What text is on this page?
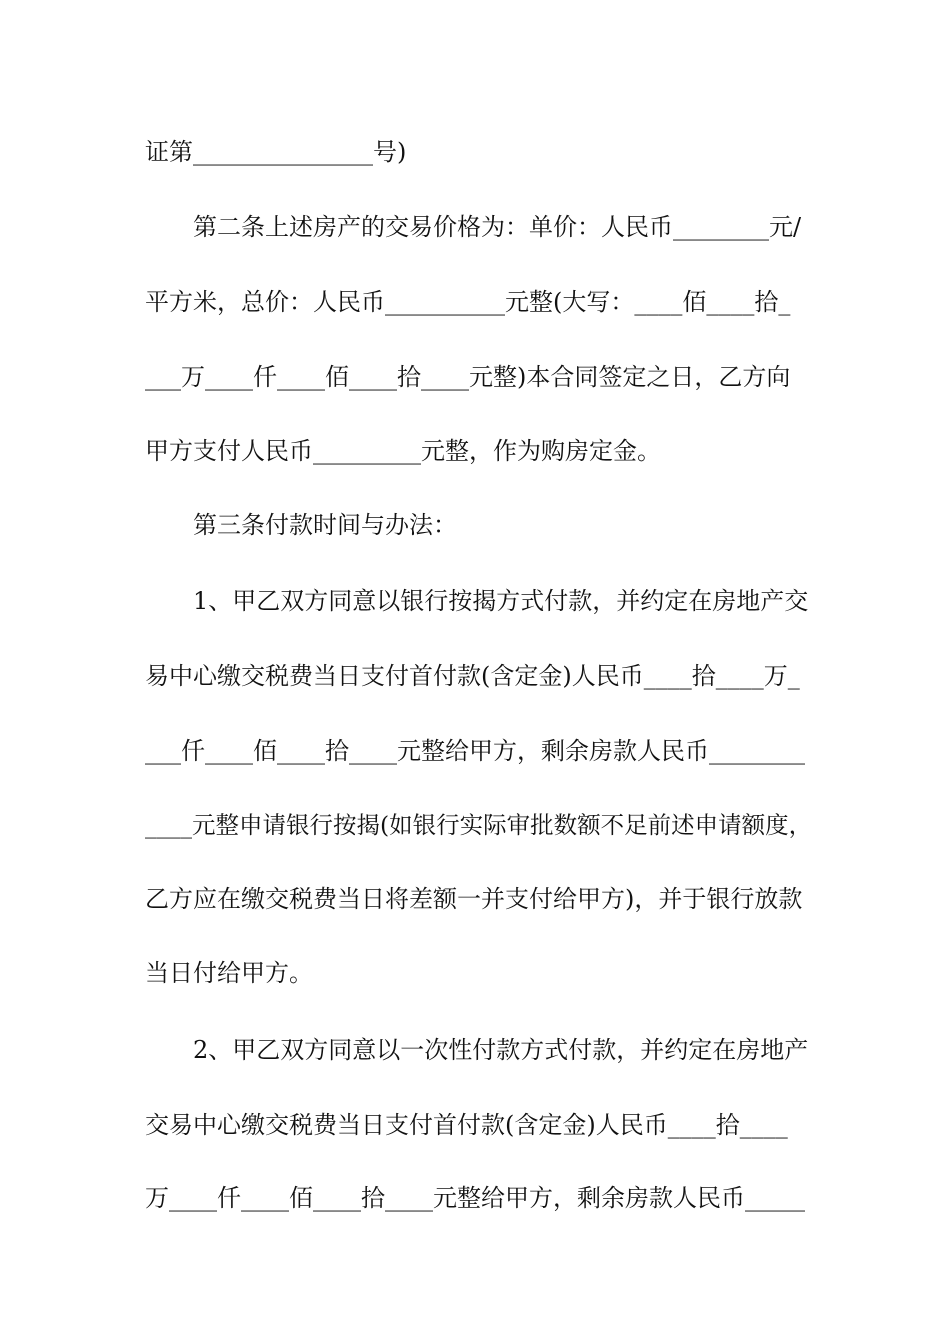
证第_______________号)
第二条上述房产的交易价格为：单价：人民币________元/
平方米，总价：人民币__________元整(大写：____佰____拾_
___万____仟____佰____拾____元整)本合同签定之日，乙方向
甲方支付人民币_________元整，作为购房定金。
第三条付款时间与办法：
1、甲乙双方同意以银行按揭方式付款，并约定在房地产交
易中心缴交税费当日支付首付款(含定金)人民币____拾____万_
___仟____佰____拾____元整给甲方，剩余房款人民币________
____元整申请银行按揭(如银行实际审批数额不足前述申请额度，
乙方应在缴交税费当日将差额一并支付给甲方)，并于银行放款
当日付给甲方。
2、甲乙双方同意以一次性付款方式付款，并约定在房地产
交易中心缴交税费当日支付首付款(含定金)人民币____拾____
万____仟____佰____拾____元整给甲方，剩余房款人民币_____
